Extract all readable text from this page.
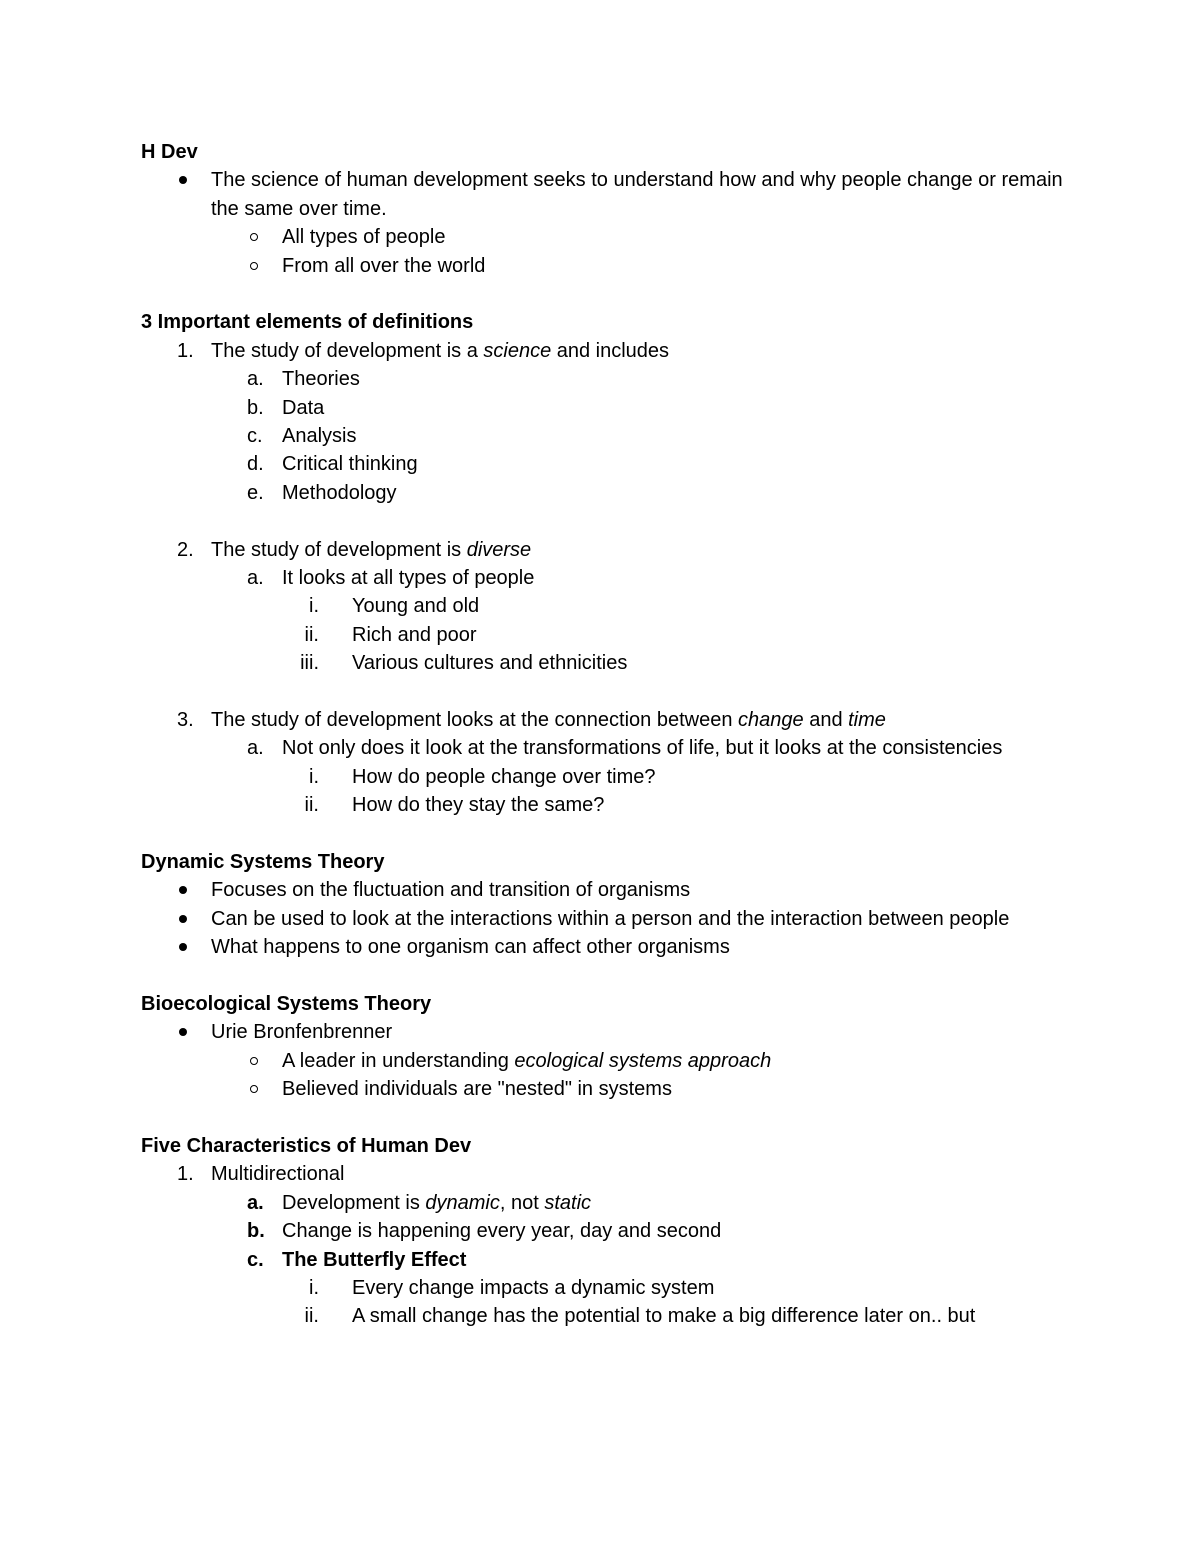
H Dev
The science of human development seeks to understand how and why people change or remain the same over time.
All types of people
From all over the world
3 Important elements of definitions
1. The study of development is a science and includes
a. Theories
b. Data
c. Analysis
d. Critical thinking
e. Methodology
2. The study of development is diverse
a. It looks at all types of people
i. Young and old
ii. Rich and poor
iii. Various cultures and ethnicities
3. The study of development looks at the connection between change and time
a. Not only does it look at the transformations of life, but it looks at the consistencies
i. How do people change over time?
ii. How do they stay the same?
Dynamic Systems Theory
Focuses on the fluctuation and transition of organisms
Can be used to look at the interactions within a person and the interaction between people
What happens to one organism can affect other organisms
Bioecological Systems Theory
Urie Bronfenbrenner
A leader in understanding ecological systems approach
Believed individuals are "nested" in systems
Five Characteristics of Human Dev
1. Multidirectional
a. Development is dynamic, not static
b. Change is happening every year, day and second
c. The Butterfly Effect
i. Every change impacts a dynamic system
ii. A small change has the potential to make a big difference later on.. but
